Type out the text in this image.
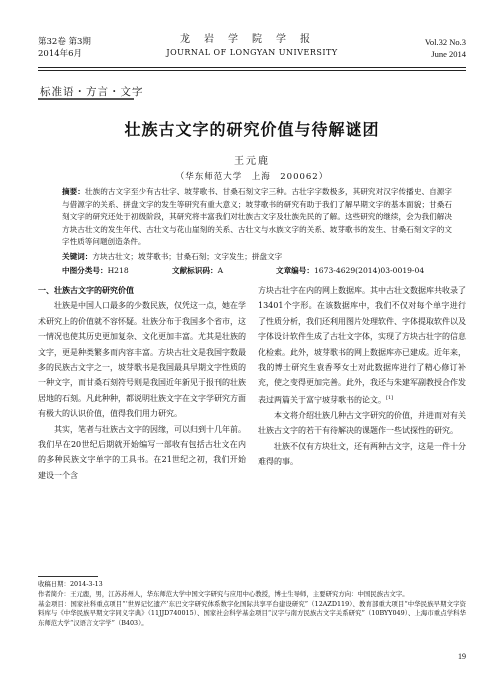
第32卷 第3期
2014年6月
龙岩学院学报
JOURNAL OF LONGYAN UNIVERSITY
Vol.32 No.3
June 2014
标准语・方言・文字
壮族古文字的研究价值与待解谜团
王元鹿
（华东师范大学　上海　200062）
摘要：壮族的古文字至少有古壮字、坡芽歌书、甘桑石刻文字三种。古壮字字数极多，其研究对汉字传播史、自源字与借源字的关系、拼盘文字的发生等研究有重大意义；坡芽歌书的研究有助于我们了解早期文字的基本面貌；甘桑石刻文字的研究还处于初级阶段，其研究将丰富我们对壮族古文字及壮族先民的了解。这些研究的继续，会为我们解决方块古壮文的发生年代、古壮文与花山崖刻的关系、古壮文与水族文字的关系、坡芽歌书的发生、甘桑石刻文字的文字性质等问题创造条件。
关键词：方块古壮文；坡芽歌书；甘桑石刻；文字发生；拼盘文字
中图分类号：H218	文献标识码：A	文章编号：1673-4629(2014)03-0019-04
一、壮族古文字的研究价值

壮族是中国人口最多的少数民族，仅凭这一点，她在学术研究上的价值就不容怀疑。壮族分布于我国多个省市，这一情况也使其历史更加复杂、文化更加丰富。尤其是壮族的文字，更是种类繁多而内容丰富。方块古壮文是我国字数最多的民族古文字之一，坡芽歌书是我国最具早期文字性质的一种文字，而甘桑石刻符号则是我国近年新见于报刊的壮族居地的石刻。凡此种种，都说明壮族文字在文字学研究方面有极大的认识价值，值得我们用力研究。

其实，笔者与壮族古文字的因缘，可以归到十几年前。我们早在20世纪后期就开始编写一部收有包括古壮文在内的多种民族文字单字的工具书。在21世纪之初，我们开始建设一个含

方块古壮字在内的网上数据库。其中古壮文数据库共收录了13401个字形。在该数据库中，我们不仅对每个单字进行了性质分析，我们还利用图片处理软件、字体提取软件以及字体设计软件生成了古壮文字体，实现了方块古壮字的信息化检索。此外，坡芽歌书的网上数据库亦已建成。近年来，我的博士研究生袁香琴女士对此数据库进行了精心修订补充，使之变得更加完善。此外，我还与朱建军副教授合作发表过两篇关于富宁坡芽歌书的论文。[1]

本文将介绍壮族几种古文字研究的价值，并进而对有关壮族古文字的若干有待解决的课题作一些试探性的研究。

壮族不仅有方块壮文，还有两种古文字，这是一件十分难得的事。

收稿日期：2014-3-13
作者简介：王元鹿，男，江苏苏州人，华东师范大学中国文字研究与应用中心教授，博士生导师，主要研究方向：中国民族古文字。
基金项目：国家社科重点项目“‘世界记忆遗产’东巴文字研究体系数字化国际共享平台建设研究”（12AZD119）、教育部重大项目“中华民族早期文字资料库与《中华民族早期文字同义字典》（11JJD740015）、国家社会科学基金项目“汉字与南方民族古文字关系研究”（10BYY049）、上海市重点学科华东师范大学“汉语言文字学”（B403）。
19
